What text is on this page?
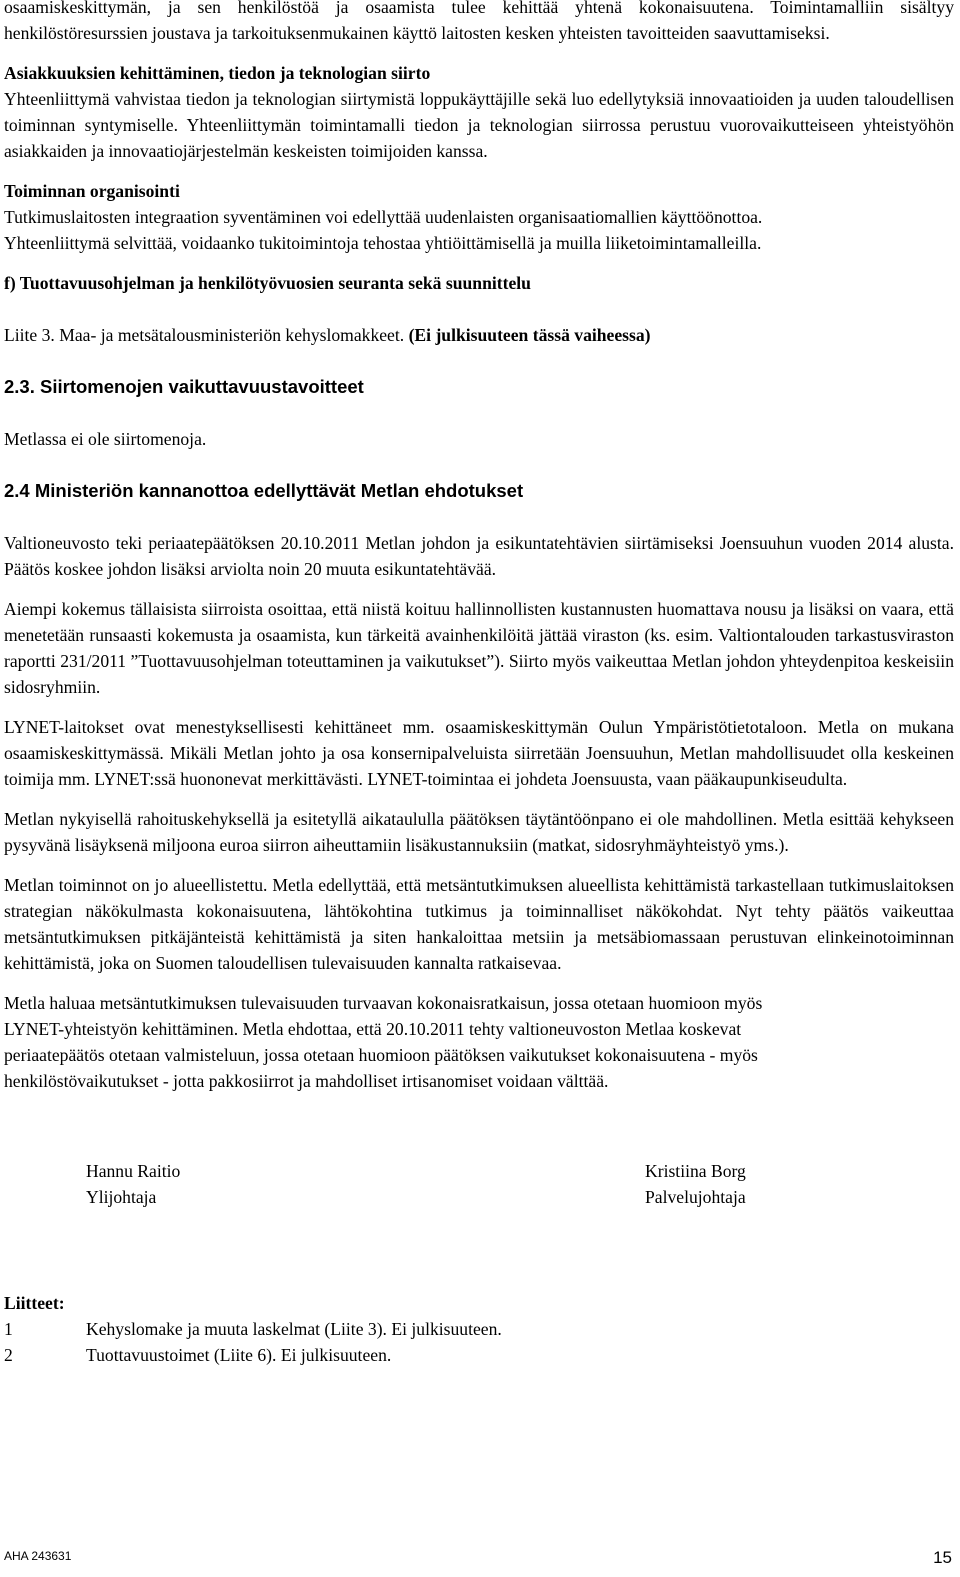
osaamiskeskittymän, ja sen henkilöstöä ja osaamista tulee kehittää yhtenä kokonaisuutena. Toimintamalliin sisältyy henkilöstöresurssien joustava ja tarkoituksenmukainen käyttö laitosten kesken yhteisten tavoitteiden saavuttamiseksi.

Asiakkuuksien kehittäminen, tiedon ja teknologian siirto

Yhteenliittymä vahvistaa tiedon ja teknologian siirtymistä loppukäyttäjille sekä luo edellytyksiä innovaatioiden ja uuden taloudellisen toiminnan syntymiselle. Yhteenliittymän toimintamalli tiedon ja teknologian siirrossa perustuu vuorovaikutteiseen yhteistyöhön asiakkaiden ja innovaatiojärjestelmän keskeisten toimijoiden kanssa.

Toiminnan organisointi

Tutkimuslaitosten integraation syventäminen voi edellyttää uudenlaisten organisaatiomallien käyttöönottoa.

Yhteenliittymä selvittää, voidaanko tukitoimintoja tehostaa yhtiöittämisellä ja muilla liiketoimintamalleilla.

f) Tuottavuusohjelman ja henkilötyövuosien seuranta sekä suunnittelu

Liite 3. Maa- ja metsätalousministeriön kehyslomakkeet. (Ei julkisuuteen tässä vaiheessa)

2.3. Siirtomenojen vaikuttavuustavoitteet

Metlassa ei ole siirtomenoja.

2.4 Ministeriön kannanottoa edellyttävät Metlan ehdotukset

Valtioneuvosto teki periaatepäätöksen 20.10.2011 Metlan johdon ja esikuntatehtävien siirtämiseksi Joensuuhun vuoden 2014 alusta. Päätös koskee johdon lisäksi arviolta noin 20 muuta esikuntatehtävää.

Aiempi kokemus tällaisista siirroista osoittaa, että niistä koituu hallinnollisten kustannusten huomattava nousu ja lisäksi on vaara, että menetetään runsaasti kokemusta ja osaamista, kun tärkeitä avainhenkilöitä jättää viraston (ks. esim. Valtiontalouden tarkastusviraston raportti 231/2011 ”Tuottavuusohjelman toteuttaminen ja vaikutukset”). Siirto myös vaikeuttaa Metlan johdon yhteydenpitoa keskeisiin sidosryhmiin.

LYNET-laitokset ovat menestyksellisesti kehittäneet mm. osaamiskeskittymän Oulun Ympäristötietotaloon. Metla on mukana osaamiskeskittymässä. Mikäli Metlan johto ja osa konsernipalveluista siirretään Joensuuhun, Metlan mahdollisuudet olla keskeinen toimija mm. LYNET:ssä huononevat merkittävästi. LYNET-toimintaa ei johdeta Joensuusta, vaan pääkaupunkiseudulta.

Metlan nykyisellä rahoituskehyksellä ja esitetyllä aikataululla päätöksen täytäntöönpano ei ole mahdollinen. Metla esittää kehykseen pysyvänä lisäyksenä miljoona euroa siirron aiheuttamiin lisäkustannuksiin (matkat, sidosryhmäyhteistyö yms.).

Metlan toiminnot on jo alueellistettu. Metla edellyttää, että metsäntutkimuksen alueellista kehittämistä tarkastellaan tutkimuslaitoksen strategian näkökulmasta kokonaisuutena, lähtökohtina tutkimus ja toiminnalliset näkökohdat. Nyt tehty päätös vaikeuttaa metsäntutkimuksen pitkäjänteistä kehittämistä ja siten hankaloittaa metsiin ja metsäbiomassaan perustuvan elinkeinotoiminnan kehittämistä, joka on Suomen taloudellisen tulevaisuuden kannalta ratkaisevaa.

Metla haluaa metsäntutkimuksen tulevaisuuden turvaavan kokonaisratkaisun, jossa otetaan huomioon myös

LYNET-yhteistyön kehittäminen. Metla ehdottaa, että 20.10.2011 tehty valtioneuvoston Metlaa koskevat

periaatepäätös otetaan valmisteluun, jossa otetaan huomioon päätöksen vaikutukset kokonaisuutena - myös

henkilöstövaikutukset - jotta pakkosiirrot ja mahdolliset irtisanomiset voidaan välttää.

Hannu Raitio
Ylijohtaja
Kristiina Borg
Palvelujohtaja

Liitteet:

1	Kehyslomake ja muuta laskelmat (Liite 3). Ei julkisuuteen.
2	Tuottavuustoimet (Liite 6). Ei julkisuuteen.
AHA 243631	15
